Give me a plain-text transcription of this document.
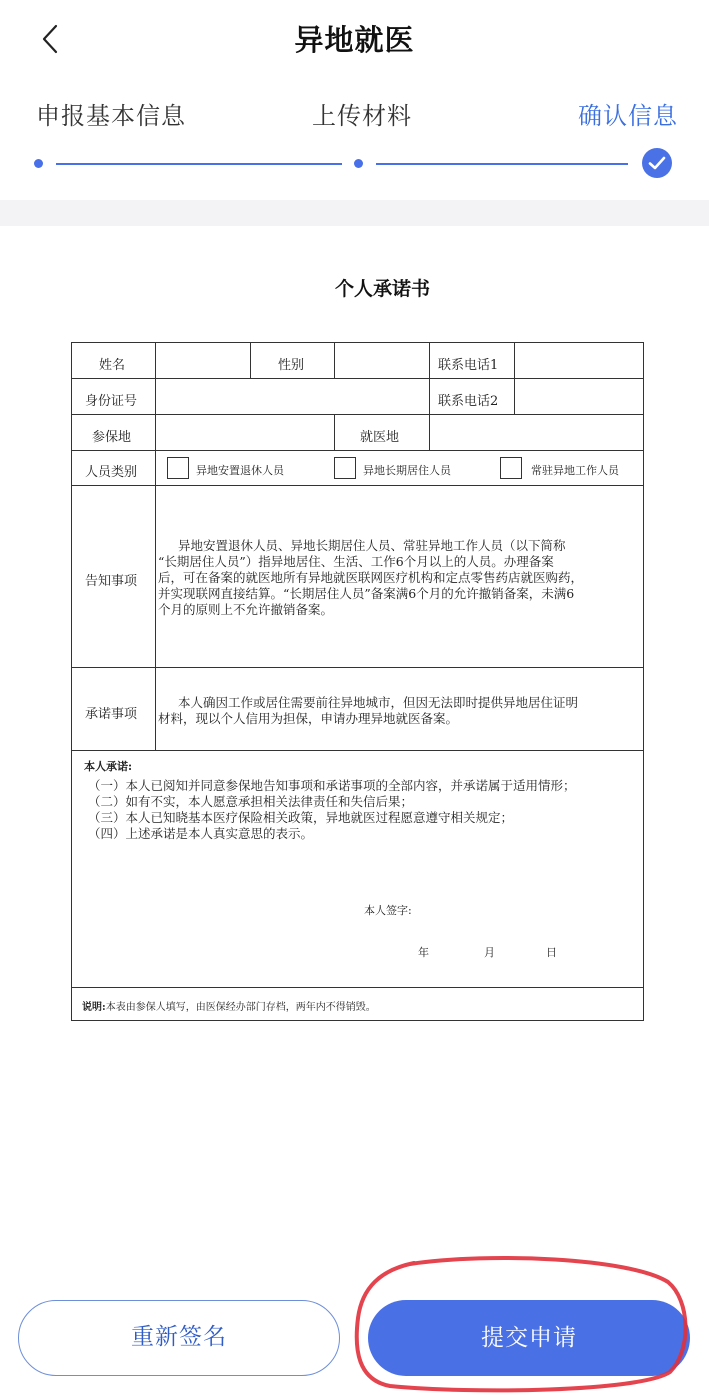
异地就医
申报基本信息	上传材料	确认信息
个人承诺书
姓名	性别	联系电话1
身份证号	联系电话2
参保地	就医地
人员类别	异地安置退休人员	异地长期居住人员	常驻异地工作人员
告知事项
异地安置退休人员、异地长期居住人员、常驻异地工作人员（以下简称
“长期居住人员”）指异地居住、生活、工作6个月以上的人员。办理备案
后，可在备案的就医地所有异地就医联网医疗机构和定点零售药店就医购药，
并实现联网直接结算。“长期居住人员”备案满6个月的允许撤销备案，未满6
个月的原则上不允许撤销备案。
承诺事项
本人确因工作或居住需要前往异地城市，但因无法即时提供异地居住证明
材料，现以个人信用为担保，申请办理异地就医备案。
本人承诺:
（一）本人已阅知并同意参保地告知事项和承诺事项的全部内容，并承诺属于适用情形；
（二）如有不实，本人愿意承担相关法律责任和失信后果；
（三）本人已知晓基本医疗保险相关政策，异地就医过程愿意遵守相关规定；
（四）上述承诺是本人真实意思的表示。
本人签字:
年	月	日
说明:本表由参保人填写，由医保经办部门存档，两年内不得销毁。
重新签名	提交申请
